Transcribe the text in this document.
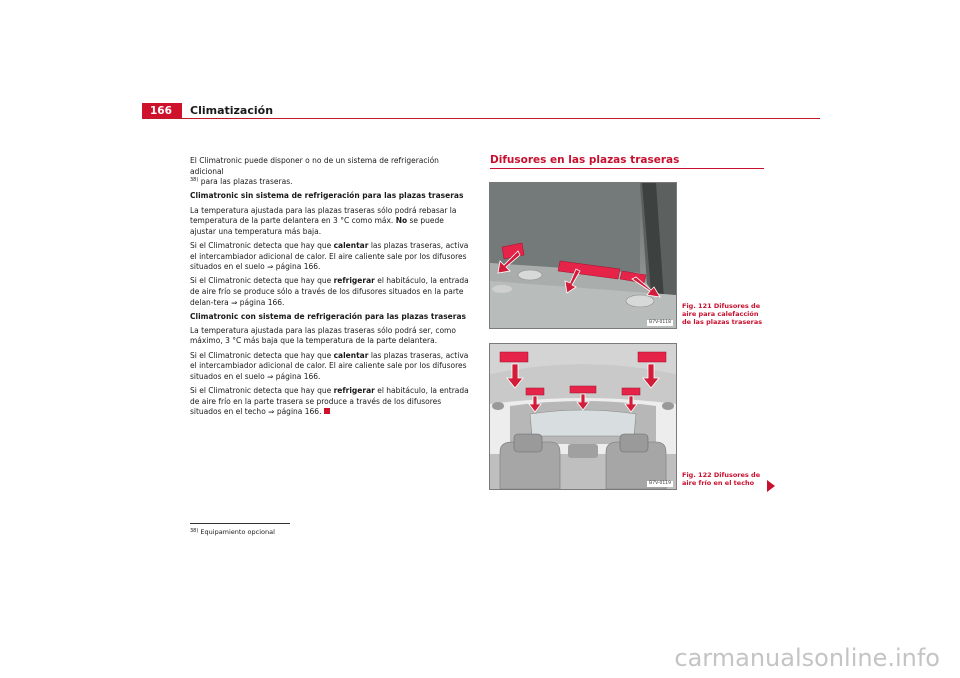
166	Climatización

El Climatronic puede disponer o no de un sistema de refrigeración adicional
$^{38)}$ para las plazas traseras.

Climatronic sin sistema de refrigeración para las plazas traseras

La temperatura ajustada para las plazas traseras sólo podrá rebasar la temperatura de la parte delantera en 3 °C como máx. No se puede ajustar una temperatura más baja.

Si el Climatronic detecta que hay que calentar las plazas traseras, activa el intercambiador adicional de calor. El aire caliente sale por los difusores situados en el suelo ⇒ página 166.

Si el Climatronic detecta que hay que refrigerar el habitáculo, la entrada de aire frío se produce sólo a través de los difusores situados en la parte delan-tera ⇒ página 166.

Climatronic con sistema de refrigeración para las plazas traseras

La temperatura ajustada para las plazas traseras sólo podrá ser, como máximo, 3 °C más baja que la temperatura de la parte delantera.

Si el Climatronic detecta que hay que calentar las plazas traseras, activa el intercambiador adicional de calor. El aire caliente sale por los difusores situados en el suelo ⇒ página 166.

Si el Climatronic detecta que hay que refrigerar el habitáculo, la entrada de aire frío en la parte trasera se produce a través de los difusores situados en el techo ⇒ página 166.

Difusores en las plazas traseras
B7V-0118
Fig. 121 Difusores de aire para calefacción de las plazas traseras
B7V-0119
Fig. 122 Difusores de aire frío en el techo
$^{38)}$ Equipamiento opcional
carmanualsonline.info
